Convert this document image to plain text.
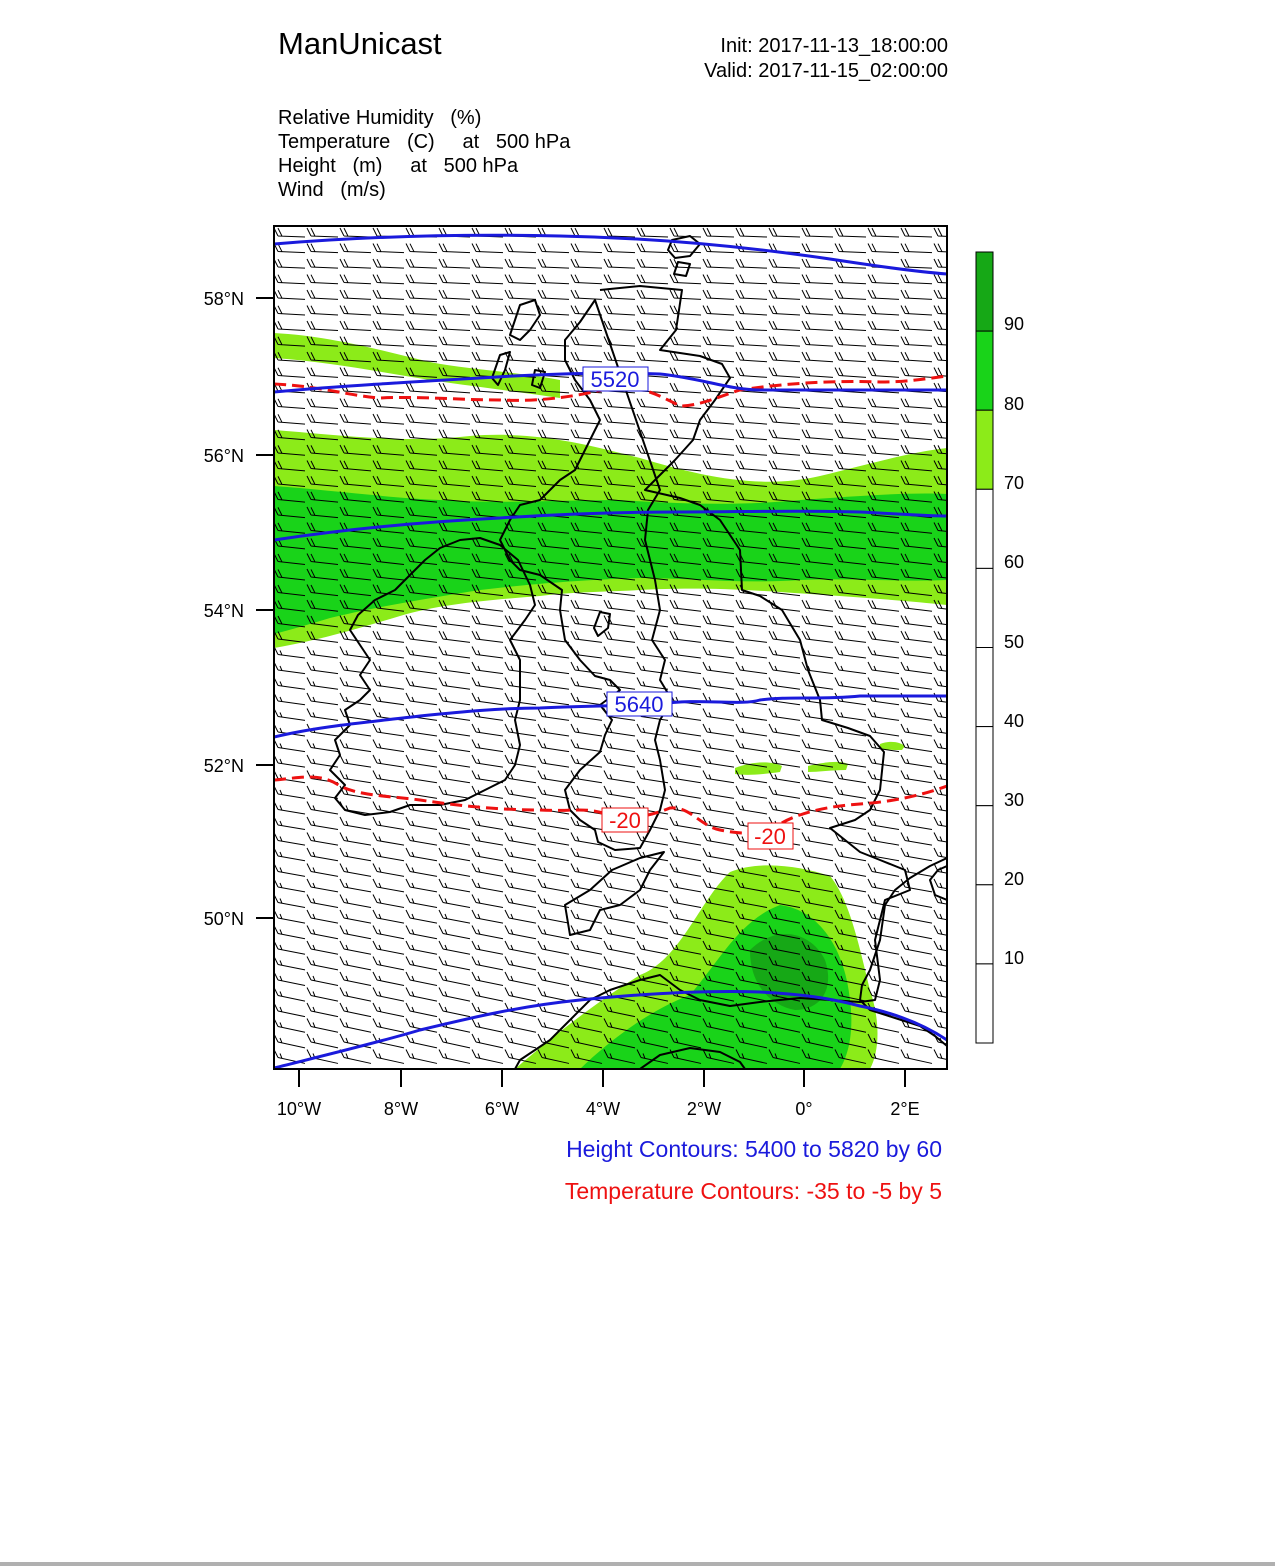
ManUnicast	Init: 2017-11-13_18:00:00
Valid: 2017-11-15_02:00:00
Relative Humidity   (%)
Temperature   (C)     at   500 hPa
Height   (m)     at   500 hPa
Wind   (m/s)
5520
5640
-20
-20
58°N
56°N
54°N
52°N
50°N
10°W	8°W	6°W	4°W	2°W	0°	2°E
90
80
70
60
50
40
30
20
10
Height Contours: 5400 to 5820 by 60
Temperature Contours: -35 to -5 by 5
